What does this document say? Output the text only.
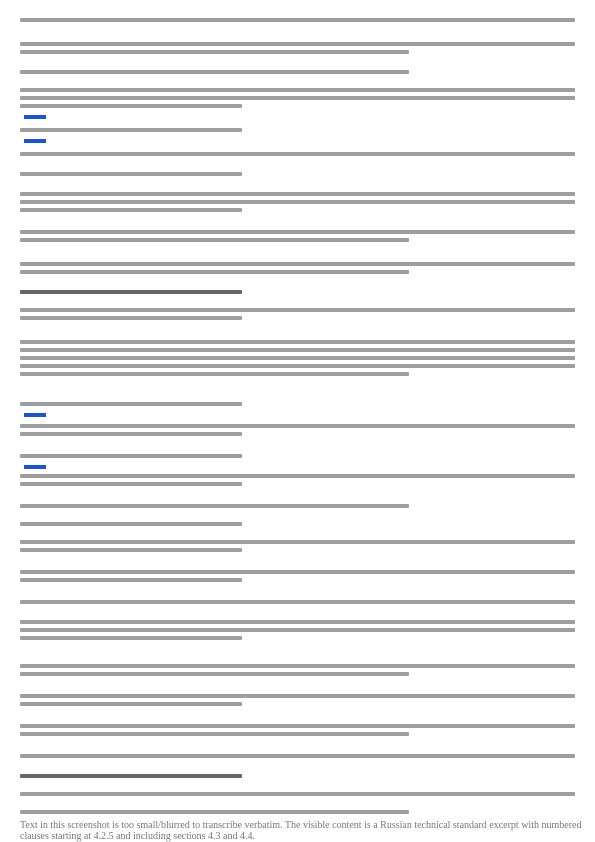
Text in this screenshot is too small/blurred to transcribe verbatim. The visible content is a Russian technical standard excerpt with numbered clauses starting at 4.2.5 and including sections 4.3 and 4.4.
